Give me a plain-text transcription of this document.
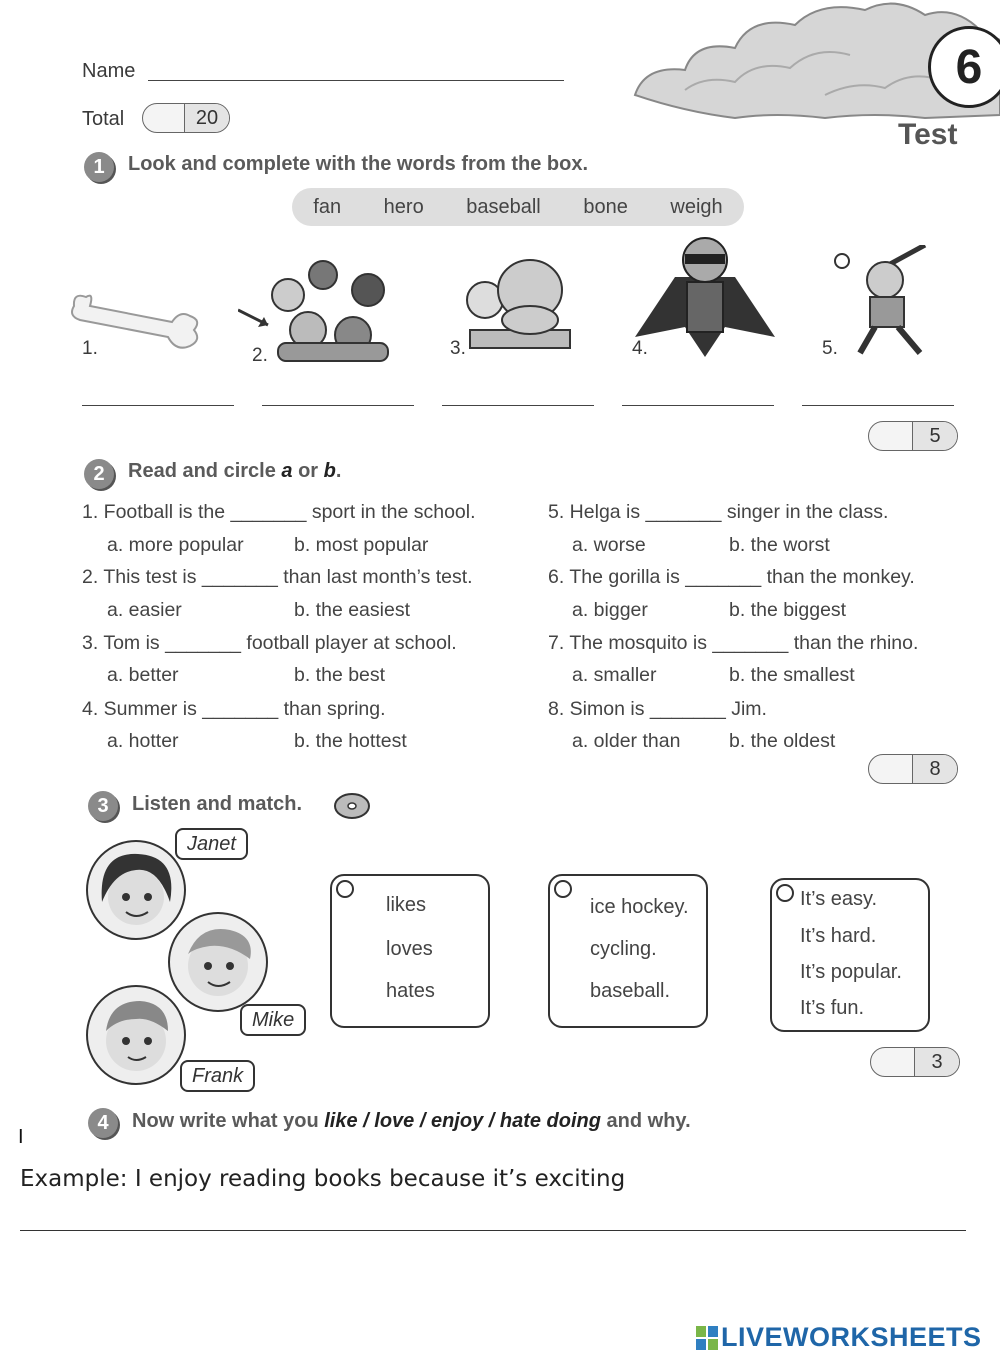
Name
Total	20
6
Test
1	Look and complete with the words from the box.
fan hero baseball bone weigh
1.	2.	3.	4.	5.
5
2	Read and circle a or b.
1. Football is the _______ sport in the school.
a. more popular	b. most popular
2. This test is _______ than last month’s test.
a. easier	b. the easiest
3. Tom is _______ football player at school.
a. better	b. the best
4. Summer is _______ than spring.
a. hotter	b. the hottest
5. Helga is _______ singer in the class.
a. worse	b. the worst
6. The gorilla is _______ than the monkey.
a. bigger	b. the biggest
7. The mosquito is _______ than the rhino.
a. smaller	b. the smallest
8. Simon is _______ Jim.
a. older than b. the oldest
8
3	Listen and match.
Janet
Mike
Frank
likes
loves
hates
ice hockey.
cycling.
baseball.
It’s easy.
It’s hard.
It’s popular.
It’s fun.
3
I
4	Now write what you like / love / enjoy / hate doing and why.
Example: I enjoy reading books because it’s exciting
LIVEWORKSHEETS
